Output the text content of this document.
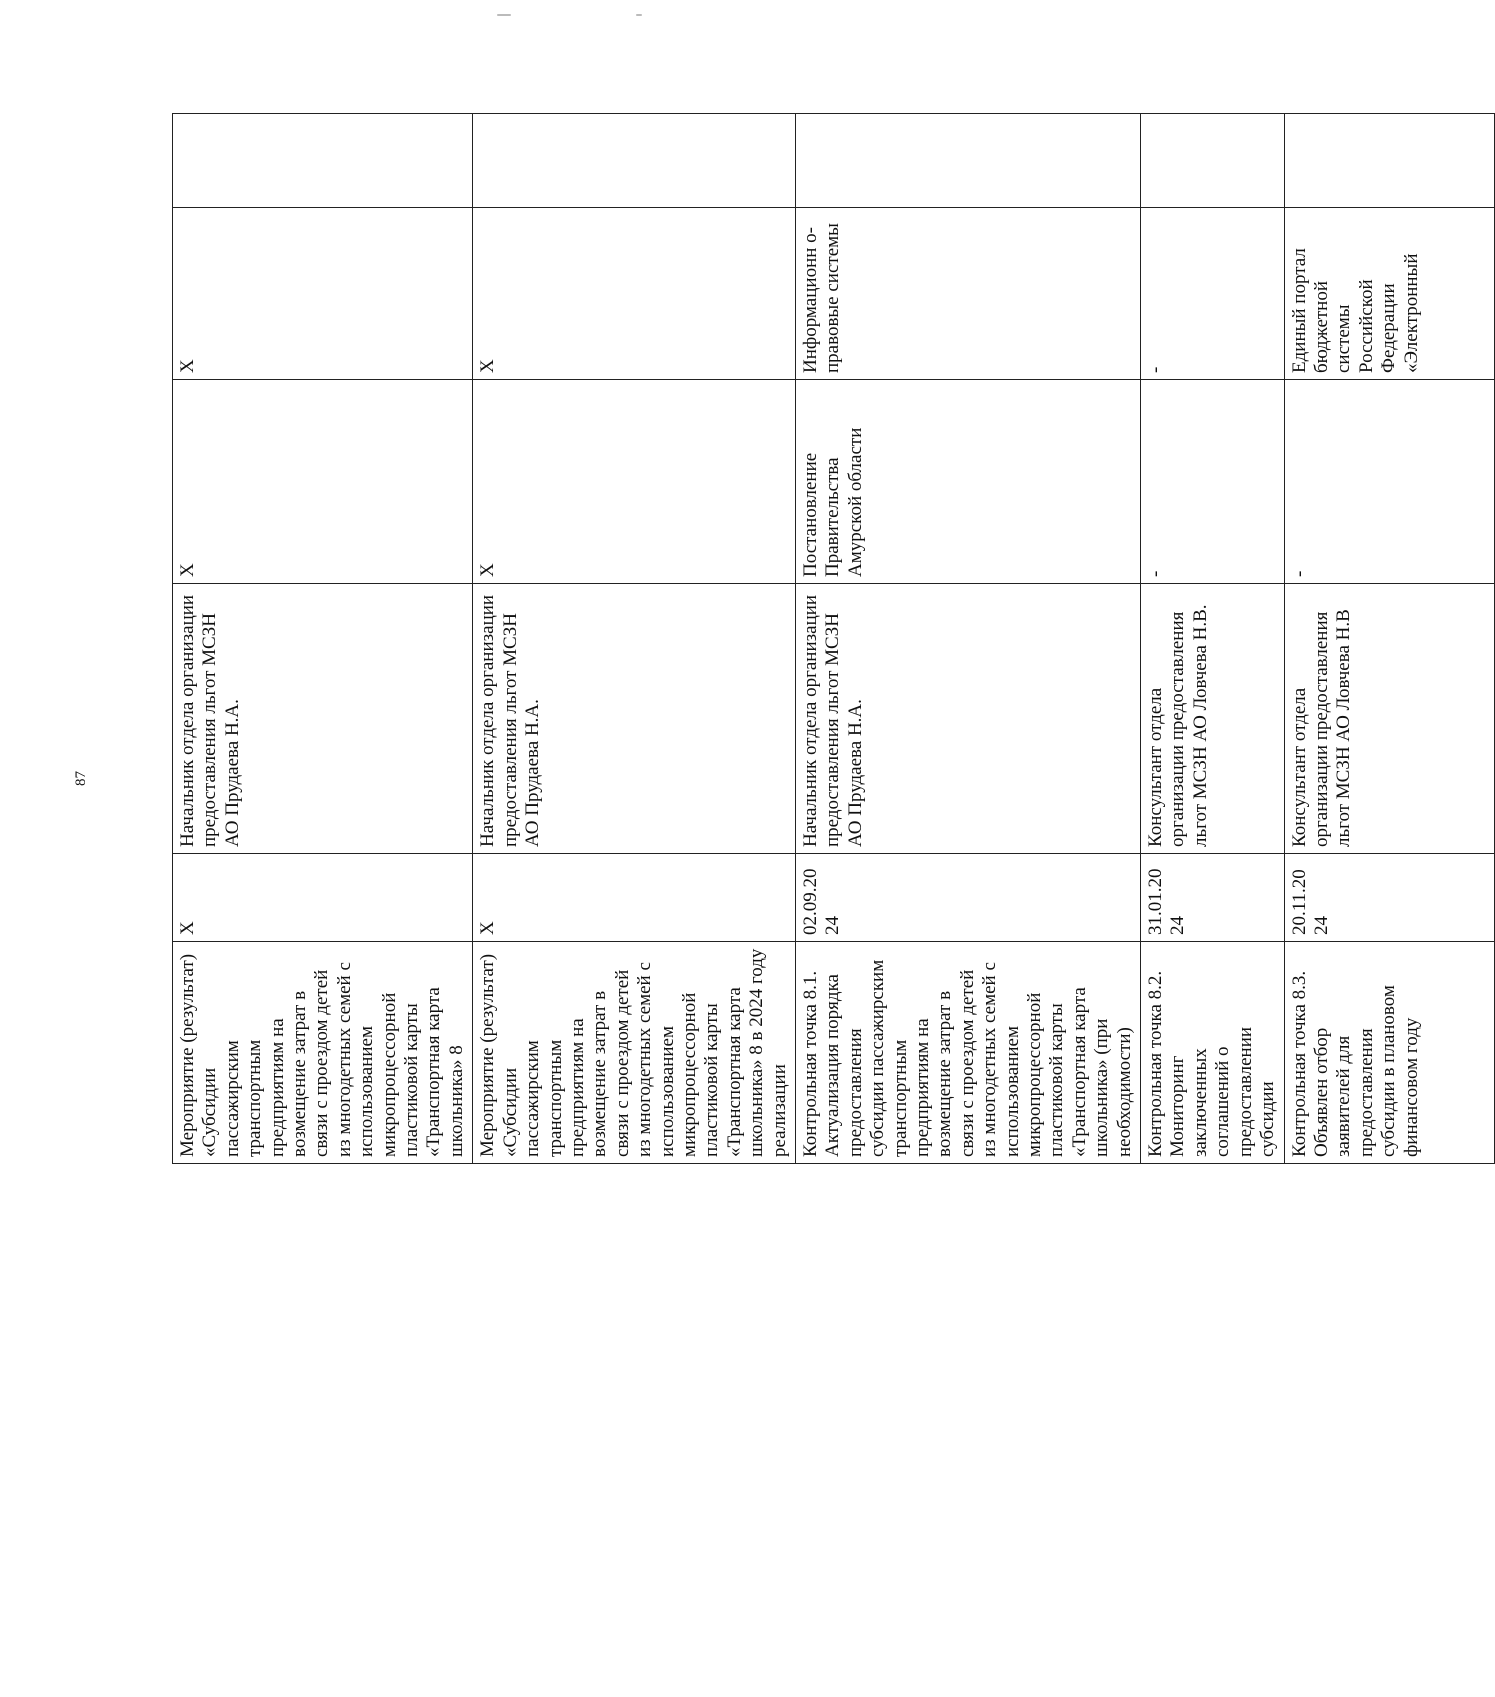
87
Мероприятие (результат) «Субсидии пассажирским транспортным предприятиям на возмещение затрат в связи с проездом детей из многодетных семей с использованием микропроцессорной пластиковой карты «Транспортная карта школьника» 8	X	Начальник отдела организации предоставления льгот МСЗН АО Прудаева Н.А.	X	X	
Мероприятие (результат) «Субсидии пассажирским транспортным предприятиям на возмещение затрат в связи с проездом детей из многодетных семей с использованием микропроцессорной пластиковой карты «Транспортная карта школьника» 8 в 2024 году реализации	X	Начальник отдела организации предоставления льгот МСЗН АО Прудаева Н.А.	X	X	
Контрольная точка 8.1. Актуализация порядка предоставления субсидии пассажирским транспортным предприятиям на возмещение затрат в связи с проездом детей из многодетных семей с использованием микропроцессорной пластиковой карты «Транспортная карта школьника» (при необходимости)	02.09.2024	Начальник отдела организации предоставления льгот МСЗН АО Прудаева Н.А.	Постановление Правительства Амурской области	Информационн о-правовые системы	
Контрольная точка 8.2. Мониторинг заключенных соглашений о предоставлении субсидии	31.01.2024	Консультант отдела организации предоставления льгот МСЗН АО Ловчева Н.В.	-	-	
Контрольная точка 8.3. Объявлен отбор заявителей для предоставления субсидии в плановом финансовом году	20.11.2024	Консультант отдела организации предоставления льгот МСЗН АО Ловчева Н.В	-	Единый портал бюджетной системы Российской Федерации «Электронный	
